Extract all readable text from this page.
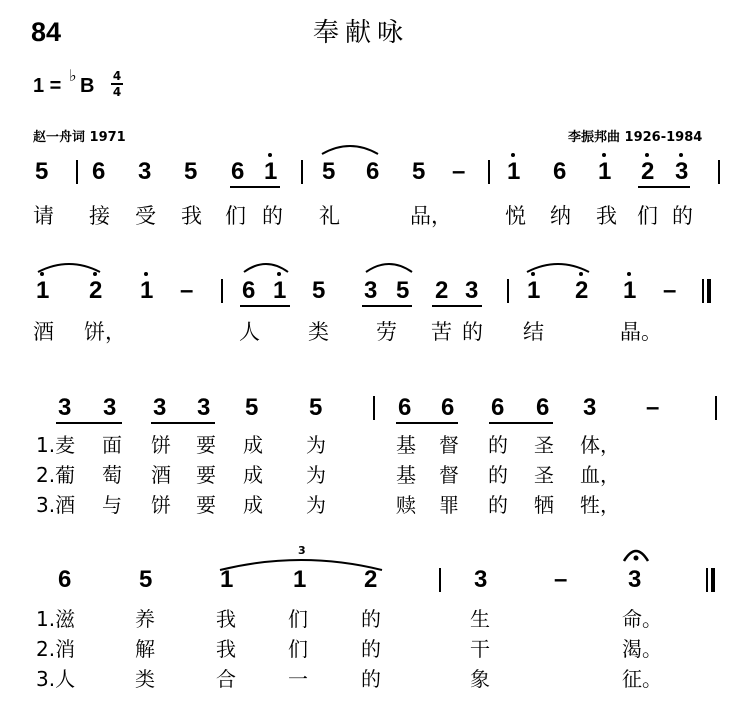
84	奉献咏
1 = ♭ B 4
4
赵一舟词 1971	李振邦曲 1926-1984
5 6 3 5 6 1 5 6 5 – 1 6 1 2 3
请 接 受 我 们 的 礼	品，	悦 纳 我 们 的
1 2 1 – 6 1 5 3 5 2 3 1 2 1 –
酒 饼，	人 类 劳 苦 的 结	晶。
3 3 3 3 5 5	6 6 6 6 3 –
1.麦 面 饼 要 成 为	基 督 的 圣 体，
2.葡 萄 酒 要 成 为	基 督 的 圣 血，
3.酒 与 饼 要 成 为	赎 罪 的 牺 牲，
3
6	5	1 1 2	3	–	3
1.滋	养	我	们	的	生	命。
2.消	解	我	们	的	干	渴。
3.人	类	合	一	的	象	征。
